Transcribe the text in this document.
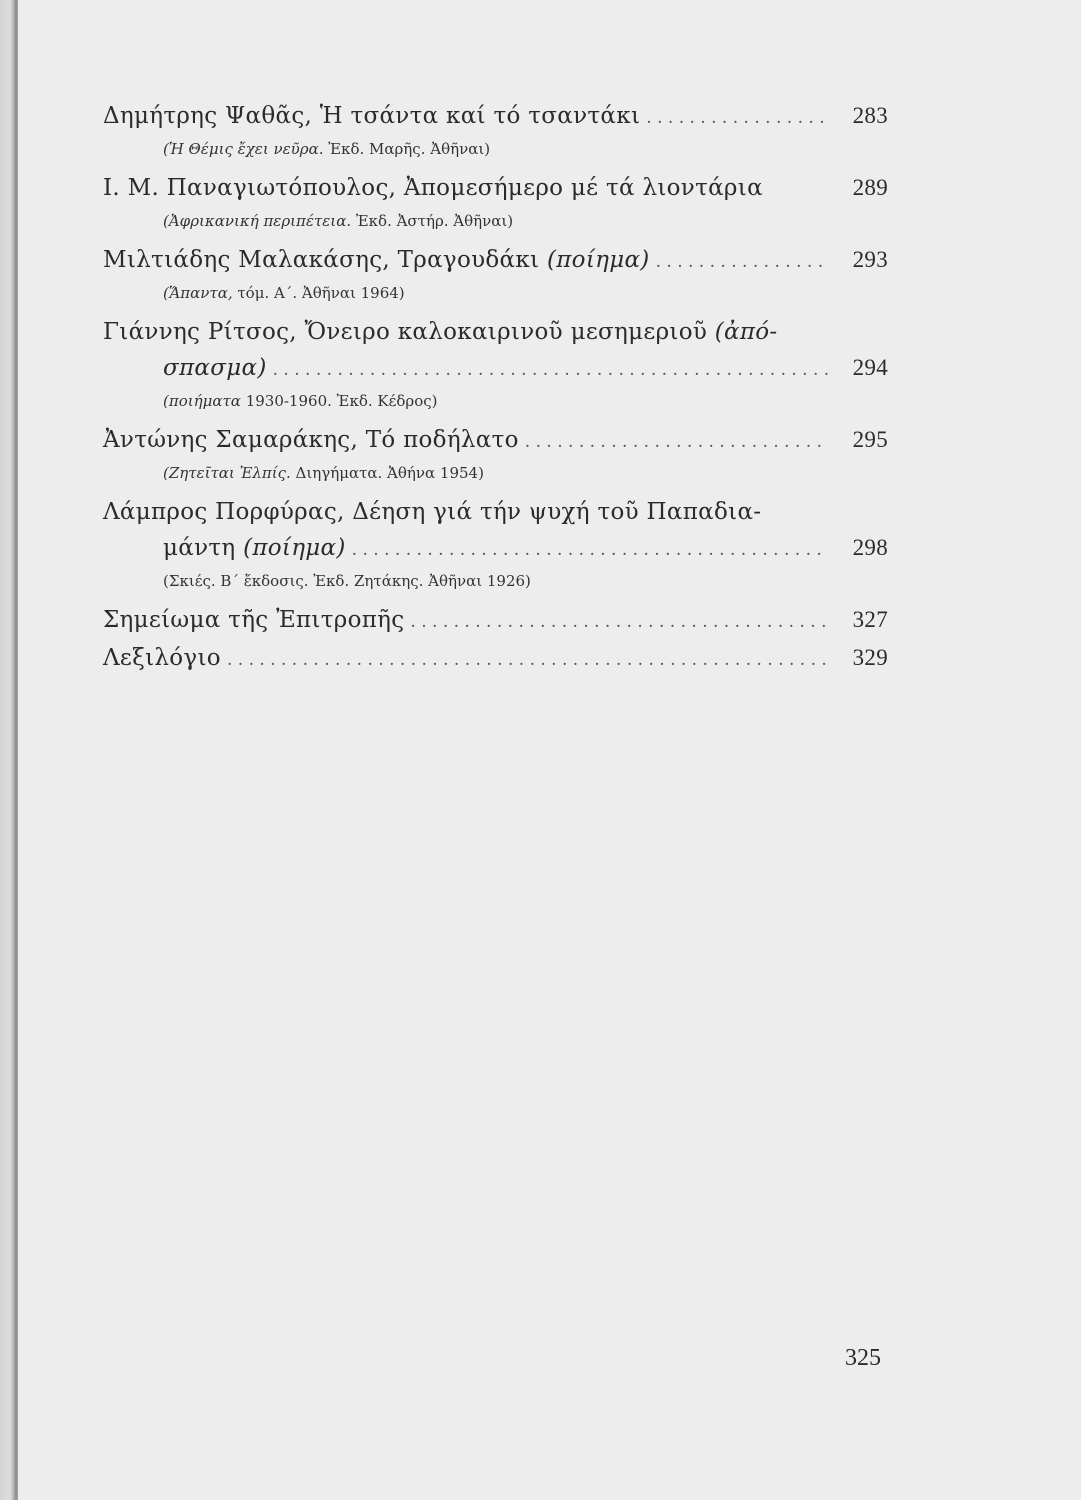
Δημήτρης Ψαθᾶς, Ἡ τσάντα καί τό τσαντάκι . . .	283
(Ἡ Θέμις ἔχει νεῦρα. Ἐκδ. Μαρῆς. Ἀθῆναι)
Ι. Μ. Παναγιωτόπουλος, Ἀπομεσήμερο μέ τά λιοντάρια	289
(Ἀφρικανική περιπέτεια. Ἐκδ. Ἀστήρ. Ἀθῆναι)
Μιλτιάδης Μαλακάσης, Τραγουδάκι (ποίημα) . . .	293
(Ἅπαντα, τόμ. Α΄. Ἀθῆναι 1964)
Γιάννης Ρίτσος, Ὄνειρο καλοκαιρινοῦ μεσημεριοῦ (ἀπό-
σπασμα) . . .	294
(ποιήματα 1930-1960. Ἐκδ. Κέδρος)
Ἀντώνης Σαμαράκης, Τό ποδήλατο . . .	295
(Ζητεῖται Ἐλπίς. Διηγήματα. Ἀθήνα 1954)
Λάμπρος Πορφύρας, Δέηση γιά τήν ψυχή τοῦ Παπαδια-
μάντη (ποίημα) . . .	298
(Σκιές. Β΄ ἔκδοσις. Ἐκδ. Ζητάκης. Ἀθῆναι 1926)
Σημείωμα τῆς Ἐπιτροπῆς . . .	327
Λεξιλόγιο . . .	329
325
